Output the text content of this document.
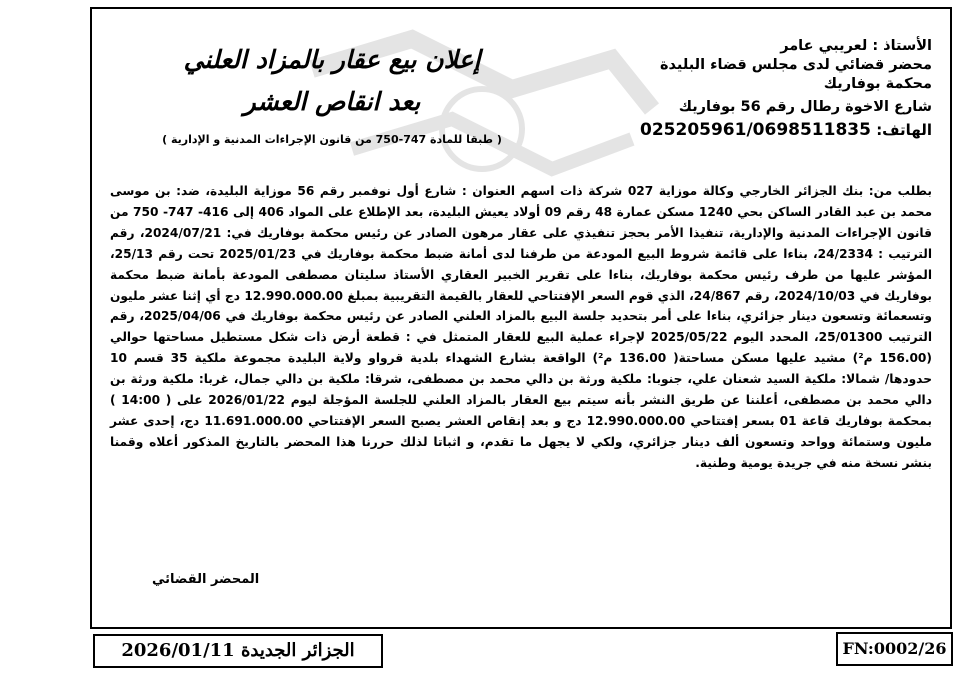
الأستاذ : لعريبي عامر
محضر قضائي لدى مجلس قضاء البليدة
محكمة بوفاريك
شارع الاخوة رطال رقم 56 بوفاريك
الهاتف: 025205961/0698511835
إعلان بيع عقار بالمزاد العلني
بعد انقاص العشر
( طبقا للمادة 747-750 من قانون الإجراءات المدنية و الإدارية )
بطلب من: بنك الجزائر الخارجي وكالة موزاية 027 شركة ذات اسهم العنوان : شارع أول نوفمبر رقم 56 موزاية البليدة، ضد: بن موسى محمد بن عبد القادر الساكن بحي 1240 مسكن عمارة 48 رقم 09 أولاد يعيش البليدة، بعد الإطلاع على المواد 406 إلى 416- 747- 750 من قانون الإجراءات المدنية والإدارية، تنفيذا الأمر بحجز تنفيذي على عقار مرهون الصادر عن رئيس محكمة بوفاريك في: 2024/07/21، رقم الترتيب : 24/2334، بناءا على قائمة شروط البيع المودعة من طرفنا لدى أمانة ضبط محكمة بوفاريك في 2025/01/23 تحت رقم 25/13، المؤشر عليها من طرف رئيس محكمة بوفاريك، بناءا على تقرير الخبير العقاري الأستاذ سليتان مصطفى المودعة بأمانة ضبط محكمة بوفاريك في 2024/10/03، رقم 24/867، الذي قوم السعر الإفتتاحي للعقار بالقيمة التقريبية بمبلغ 12.990.000.00 دج أي إثنا عشر مليون وتسعمائة وتسعون دينار جزائري، بناءا على أمر بتحديد جلسة البيع بالمزاد العلني الصادر عن رئيس محكمة بوفاريك في 2025/04/06، رقم الترتيب 25/01300، المحدد اليوم 2025/05/22 لإجراء عملية البيع للعقار المتمثل في : قطعة أرض ذات شكل مستطيل مساحتها حوالي (156.00 م²) مشيد عليها مسكن مساحتة( 136.00 م²) الواقعة بشارع الشهداء بلدية قرواو ولاية البليدة مجموعة ملكية 35 قسم 10 حدودها/ شمالا: ملكية السيد شعنان علي، جنوبا: ملكية ورثة بن دالي محمد بن مصطفى، شرقا: ملكية بن دالي جمال، غربا: ملكية ورثة بن دالي محمد بن مصطفى، أعلننا عن طريق النشر بأنه سيتم بيع العقار بالمزاد العلني للجلسة المؤجلة ليوم 2026/01/22 على ( 14:00 ) بمحكمة بوفاريك قاعة 01 بسعر إفتتاحي 12.990.000.00 دج و بعد إنقاص العشر يصبح السعر الإفتتاحي 11.691.000.00 دج، إحدى عشر مليون وستمائة وواحد وتسعون ألف دينار جزائري، ولكي لا يجهل ما تقدم، و اثباتا لذلك حررنا هذا المحضر بالتاريخ المذكور أعلاه وقمنا بنشر نسخة منه في جريدة يومية وطنية.
المحضر القضائي
الجزائر الجديدة 2026/01/11	FN:0002/26
